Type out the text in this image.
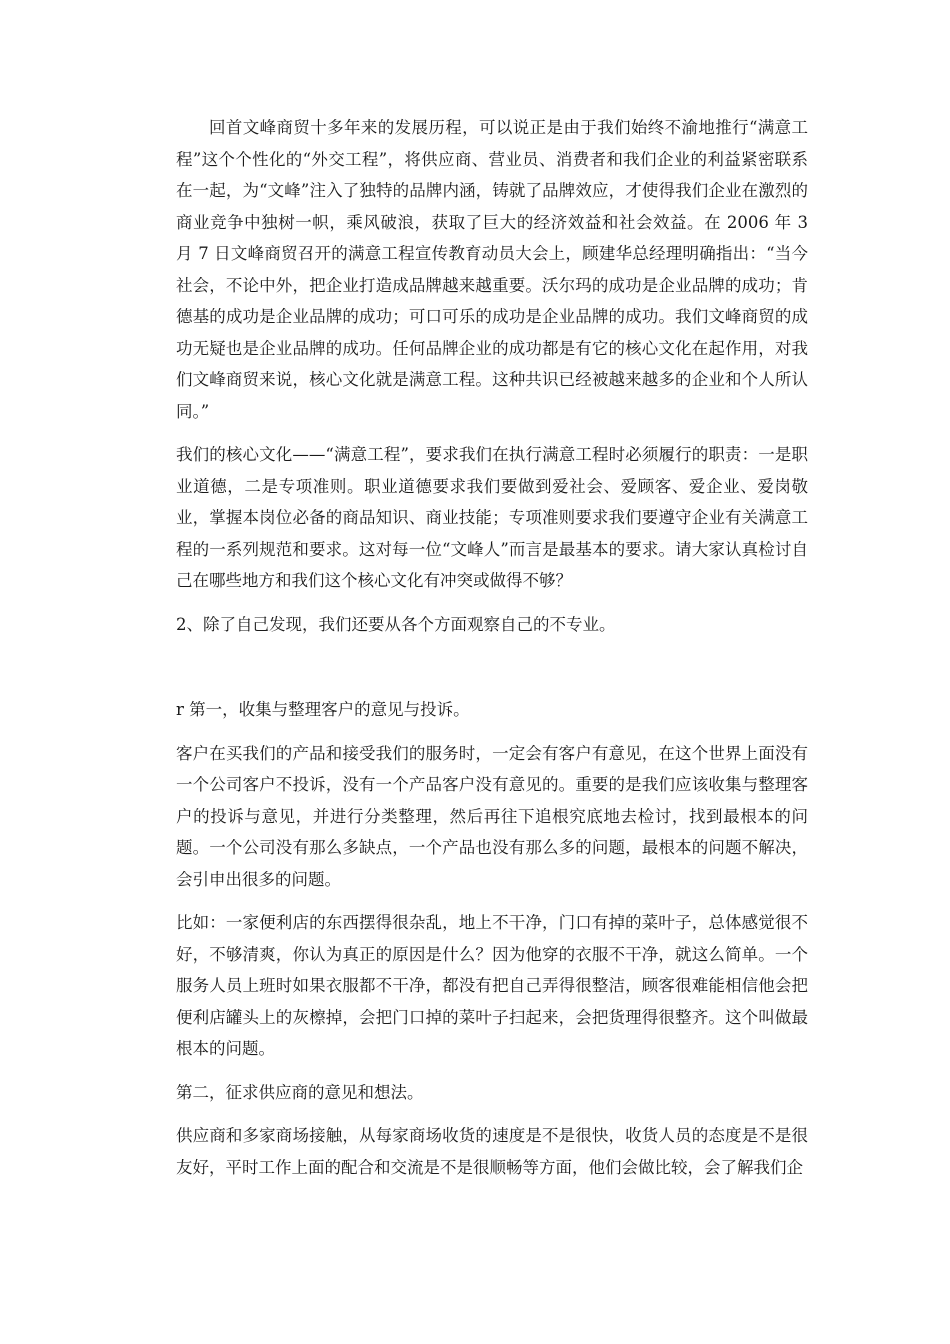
回首文峰商贸十多年来的发展历程，可以说正是由于我们始终不渝地推行“满意工程”这个个性化的“外交工程”，将供应商、营业员、消费者和我们企业的利益紧密联系在一起，为“文峰”注入了独特的品牌内涵，铸就了品牌效应，才使得我们企业在激烈的商业竞争中独树一帜，乘风破浪，获取了巨大的经济效益和社会效益。在 2006 年 3 月 7 日文峰商贸召开的满意工程宣传教育动员大会上，顾建华总经理明确指出：“当今社会，不论中外，把企业打造成品牌越来越重要。沃尔玛的成功是企业品牌的成功；肯德基的成功是企业品牌的成功；可口可乐的成功是企业品牌的成功。我们文峰商贸的成功无疑也是企业品牌的成功。任何品牌企业的成功都是有它的核心文化在起作用，对我们文峰商贸来说，核心文化就是满意工程。这种共识已经被越来越多的企业和个人所认同。”

我们的核心文化——“满意工程”，要求我们在执行满意工程时必须履行的职责：一是职业道德，二是专项准则。职业道德要求我们要做到爱社会、爱顾客、爱企业、爱岗敬业，掌握本岗位必备的商品知识、商业技能；专项准则要求我们要遵守企业有关满意工程的一系列规范和要求。这对每一位“文峰人”而言是最基本的要求。请大家认真检讨自己在哪些地方和我们这个核心文化有冲突或做得不够？

2、除了自己发现，我们还要从各个方面观察自己的不专业。

r 第一，收集与整理客户的意见与投诉。

客户在买我们的产品和接受我们的服务时，一定会有客户有意见，在这个世界上面没有一个公司客户不投诉，没有一个产品客户没有意见的。重要的是我们应该收集与整理客户的投诉与意见，并进行分类整理，然后再往下追根究底地去检讨，找到最根本的问题。一个公司没有那么多缺点，一个产品也没有那么多的问题，最根本的问题不解决，会引申出很多的问题。

比如：一家便利店的东西摆得很杂乱，地上不干净，门口有掉的菜叶子，总体感觉很不好，不够清爽，你认为真正的原因是什么？因为他穿的衣服不干净，就这么简单。一个服务人员上班时如果衣服都不干净，都没有把自己弄得很整洁，顾客很难能相信他会把便利店罐头上的灰檫掉，会把门口掉的菜叶子扫起来，会把货理得很整齐。这个叫做最根本的问题。

第二，征求供应商的意见和想法。

供应商和多家商场接触，从每家商场收货的速度是不是很快，收货人员的态度是不是很友好，平时工作上面的配合和交流是不是很顺畅等方面，他们会做比较，会了解我们企
